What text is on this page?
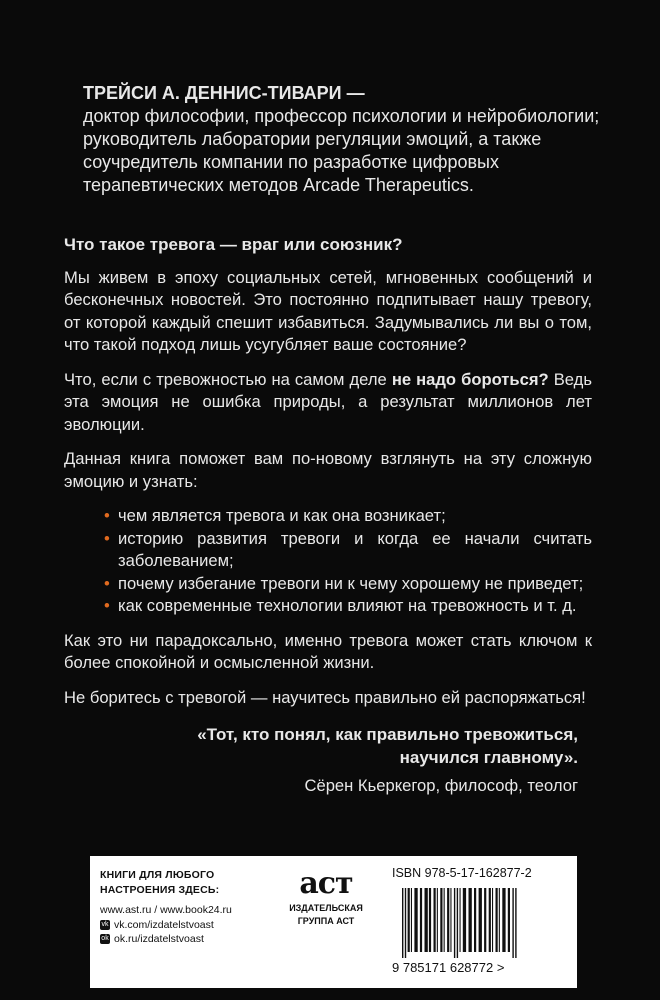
ТРЕЙСИ А. ДЕННИС-ТИВАРИ —
доктор философии, профессор психологии и нейробиологии; руководитель лаборатории регуляции эмоций, а также соучредитель компании по разработке цифровых терапевтических методов Arcade Therapeutics.
Что такое тревога — враг или союзник?

Мы живем в эпоху социальных сетей, мгновенных сообщений и бесконечных новостей. Это постоянно подпитывает нашу тревогу, от которой каждый спешит избавиться. Задумывались ли вы о том, что такой подход лишь усугубляет ваше состояние?

Что, если с тревожностью на самом деле не надо бороться? Ведь эта эмоция не ошибка природы, а результат миллионов лет эволюции.

Данная книга поможет вам по-новому взглянуть на эту сложную эмоцию и узнать:

• чем является тревога и как она возникает;
• историю развития тревоги и когда ее начали считать заболеванием;
• почему избегание тревоги ни к чему хорошему не приведет;
• как современные технологии влияют на тревожность и т. д.

Как это ни парадоксально, именно тревога может стать ключом к более спокойной и осмысленной жизни.

Не боритесь с тревогой — научитесь правильно ей распоряжаться!

«Тот, кто понял, как правильно тревожиться,
научился главному».
Сёрен Кьеркегор, философ, теолог
КНИГИ ДЛЯ ЛЮБОГО
НАСТРОЕНИЯ ЗДЕСЬ:
www.ast.ru / www.book24.ru
vk vk.com/izdatelstvoast
ok ok.ru/izdatelstvoast
аст
ИЗДАТЕЛЬСКАЯ
ГРУППА АСТ
ISBN 978-5-17-162877-2
9 785171 628772 >
